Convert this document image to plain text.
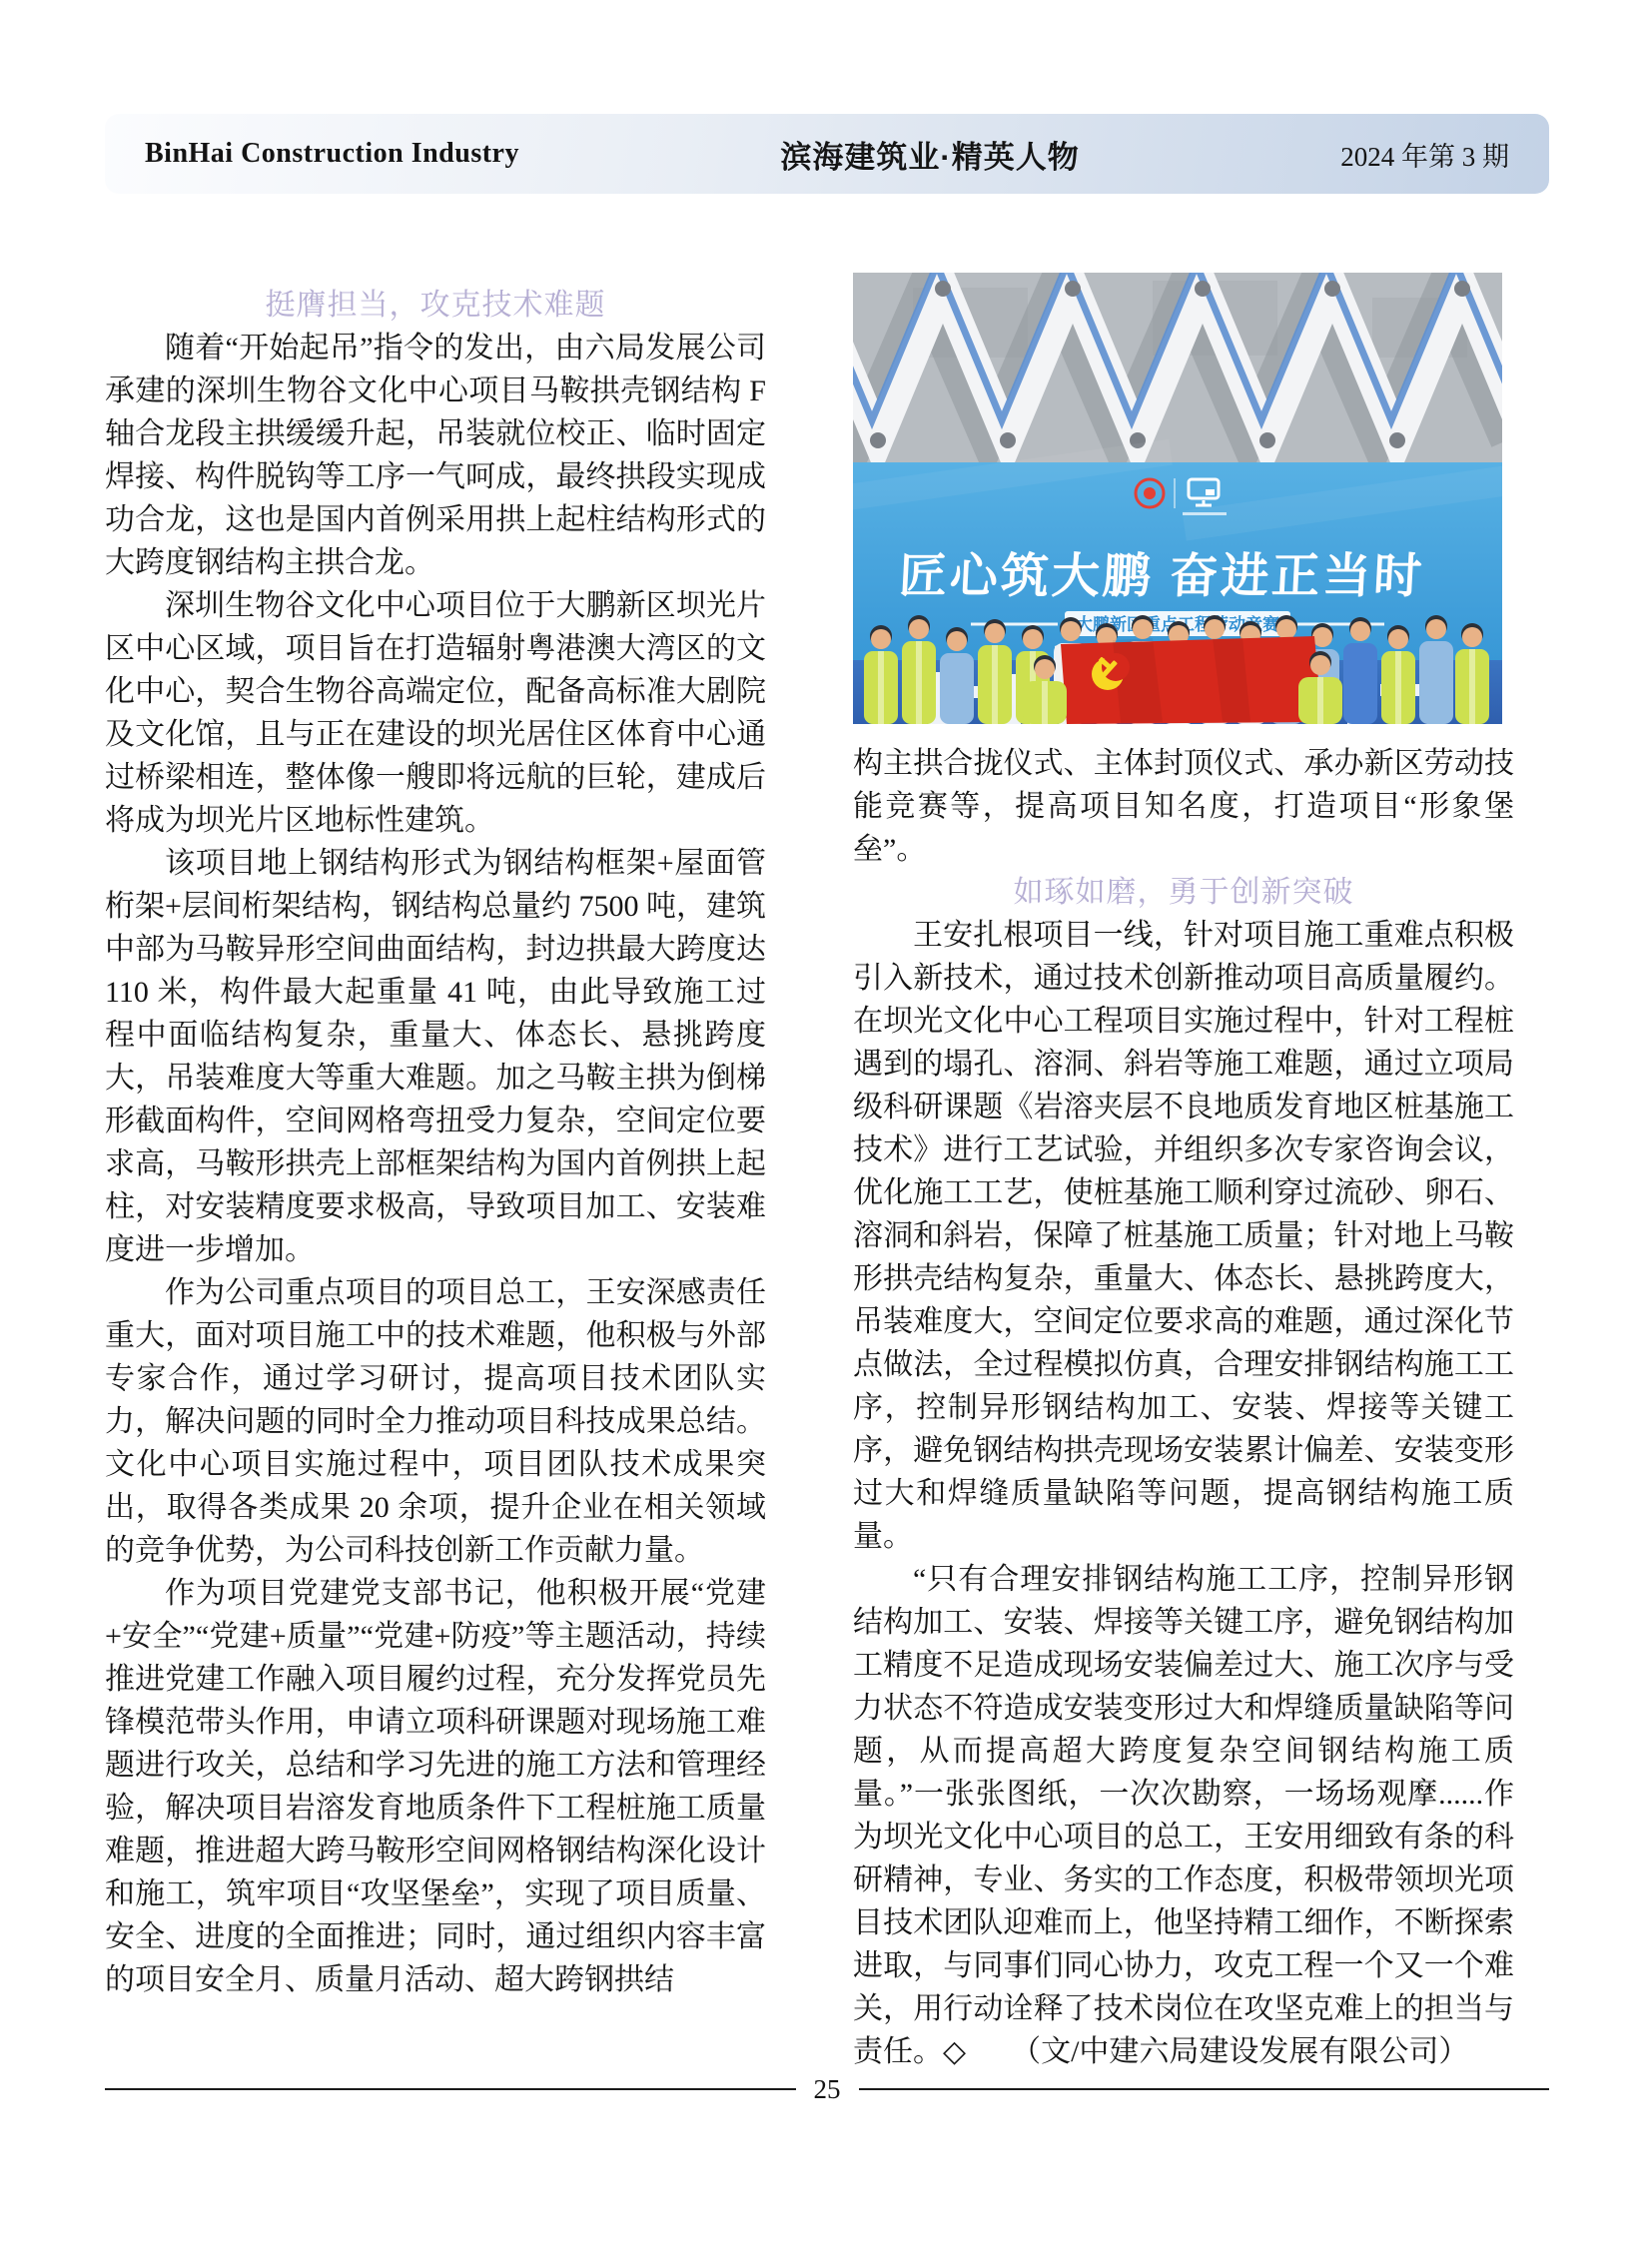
BinHai Construction Industry	滨海建筑业·精英人物	2024 年第 3 期
挺膺担当，攻克技术难题

随着“开始起吊”指令的发出，由六局发展公司承建的深圳生物谷文化中心项目马鞍拱壳钢结构 F 轴合龙段主拱缓缓升起，吊装就位校正、临时固定焊接、构件脱钩等工序一气呵成，最终拱段实现成功合龙，这也是国内首例采用拱上起柱结构形式的大跨度钢结构主拱合龙。

深圳生物谷文化中心项目位于大鹏新区坝光片区中心区域，项目旨在打造辐射粤港澳大湾区的文化中心，契合生物谷高端定位，配备高标准大剧院及文化馆，且与正在建设的坝光居住区体育中心通过桥梁相连，整体像一艘即将远航的巨轮，建成后将成为坝光片区地标性建筑。

该项目地上钢结构形式为钢结构框架+屋面管桁架+层间桁架结构，钢结构总量约 7500 吨，建筑中部为马鞍异形空间曲面结构，封边拱最大跨度达 110 米，构件最大起重量 41 吨，由此导致施工过程中面临结构复杂，重量大、体态长、悬挑跨度大，吊装难度大等重大难题。加之马鞍主拱为倒梯形截面构件，空间网格弯扭受力复杂，空间定位要求高，马鞍形拱壳上部框架结构为国内首例拱上起柱，对安装精度要求极高，导致项目加工、安装难度进一步增加。

作为公司重点项目的项目总工，王安深感责任重大，面对项目施工中的技术难题，他积极与外部专家合作，通过学习研讨，提高项目技术团队实力，解决问题的同时全力推动项目科技成果总结。文化中心项目实施过程中，项目团队技术成果突出，取得各类成果 20 余项，提升企业在相关领域的竞争优势，为公司科技创新工作贡献力量。

作为项目党建党支部书记，他积极开展“党建+安全”“党建+质量”“党建+防疫”等主题活动，持续推进党建工作融入项目履约过程，充分发挥党员先锋模范带头作用，申请立项科研课题对现场施工难题进行攻关，总结和学习先进的施工方法和管理经验，解决项目岩溶发育地质条件下工程桩施工质量难题，推进超大跨马鞍形空间网格钢结构深化设计和施工，筑牢项目“攻坚堡垒”，实现了项目质量、安全、进度的全面推进；同时，通过组织内容丰富的项目安全月、质量月活动、超大跨钢拱结

匠心筑大鹏 奋进正当时

构主拱合拢仪式、主体封顶仪式、承办新区劳动技能竞赛等，提高项目知名度，打造项目“形象堡垒”。

如琢如磨，勇于创新突破

王安扎根项目一线，针对项目施工重难点积极引入新技术，通过技术创新推动项目高质量履约。在坝光文化中心工程项目实施过程中，针对工程桩遇到的塌孔、溶洞、斜岩等施工难题，通过立项局级科研课题《岩溶夹层不良地质发育地区桩基施工技术》进行工艺试验，并组织多次专家咨询会议，优化施工工艺，使桩基施工顺利穿过流砂、卵石、溶洞和斜岩，保障了桩基施工质量；针对地上马鞍形拱壳结构复杂，重量大、体态长、悬挑跨度大，吊装难度大，空间定位要求高的难题，通过深化节点做法，全过程模拟仿真，合理安排钢结构施工工序，控制异形钢结构加工、安装、焊接等关键工序，避免钢结构拱壳现场安装累计偏差、安装变形过大和焊缝质量缺陷等问题，提高钢结构施工质量。

“只有合理安排钢结构施工工序，控制异形钢结构加工、安装、焊接等关键工序，避免钢结构加工精度不足造成现场安装偏差过大、施工次序与受力状态不符造成安装变形过大和焊缝质量缺陷等问题，从而提高超大跨度复杂空间钢结构施工质量。”一张张图纸，一次次勘察，一场场观摩......作为坝光文化中心项目的总工，王安用细致有条的科研精神，专业、务实的工作态度，积极带领坝光项目技术团队迎难而上，他坚持精工细作，不断探索进取，与同事们同心协力，攻克工程一个又一个难关，用行动诠释了技术岗位在攻坚克难上的担当与责任。◇　　（文/中建六局建设发展有限公司）

25
